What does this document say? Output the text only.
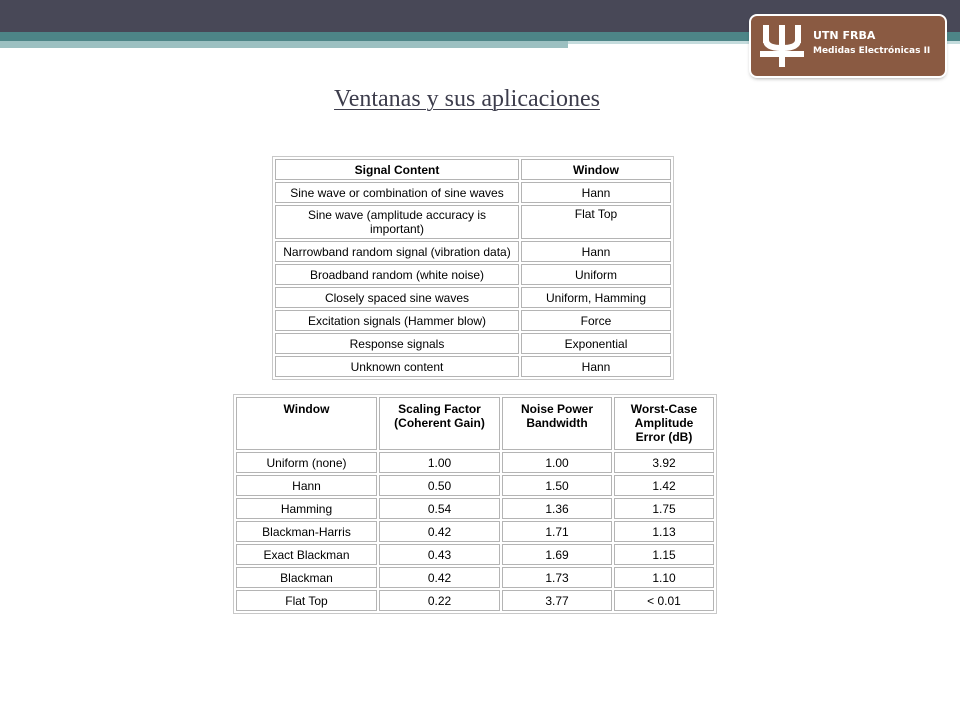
UTN FRBA
Medidas Electrónicas II
Ventanas y sus aplicaciones
Signal Content	Window
Sine wave or combination of sine waves	Hann
Sine wave (amplitude accuracy is important)	Flat Top
Narrowband random signal (vibration data)	Hann
Broadband random (white noise)	Uniform
Closely spaced sine waves	Uniform, Hamming
Excitation signals (Hammer blow)	Force
Response signals	Exponential
Unknown content	Hann
Window	Scaling Factor (Coherent Gain)	Noise Power Bandwidth	Worst-Case Amplitude Error (dB)
Uniform (none)	1.00	1.00	3.92
Hann	0.50	1.50	1.42
Hamming	0.54	1.36	1.75
Blackman-Harris	0.42	1.71	1.13
Exact Blackman	0.43	1.69	1.15
Blackman	0.42	1.73	1.10
Flat Top	0.22	3.77	< 0.01
